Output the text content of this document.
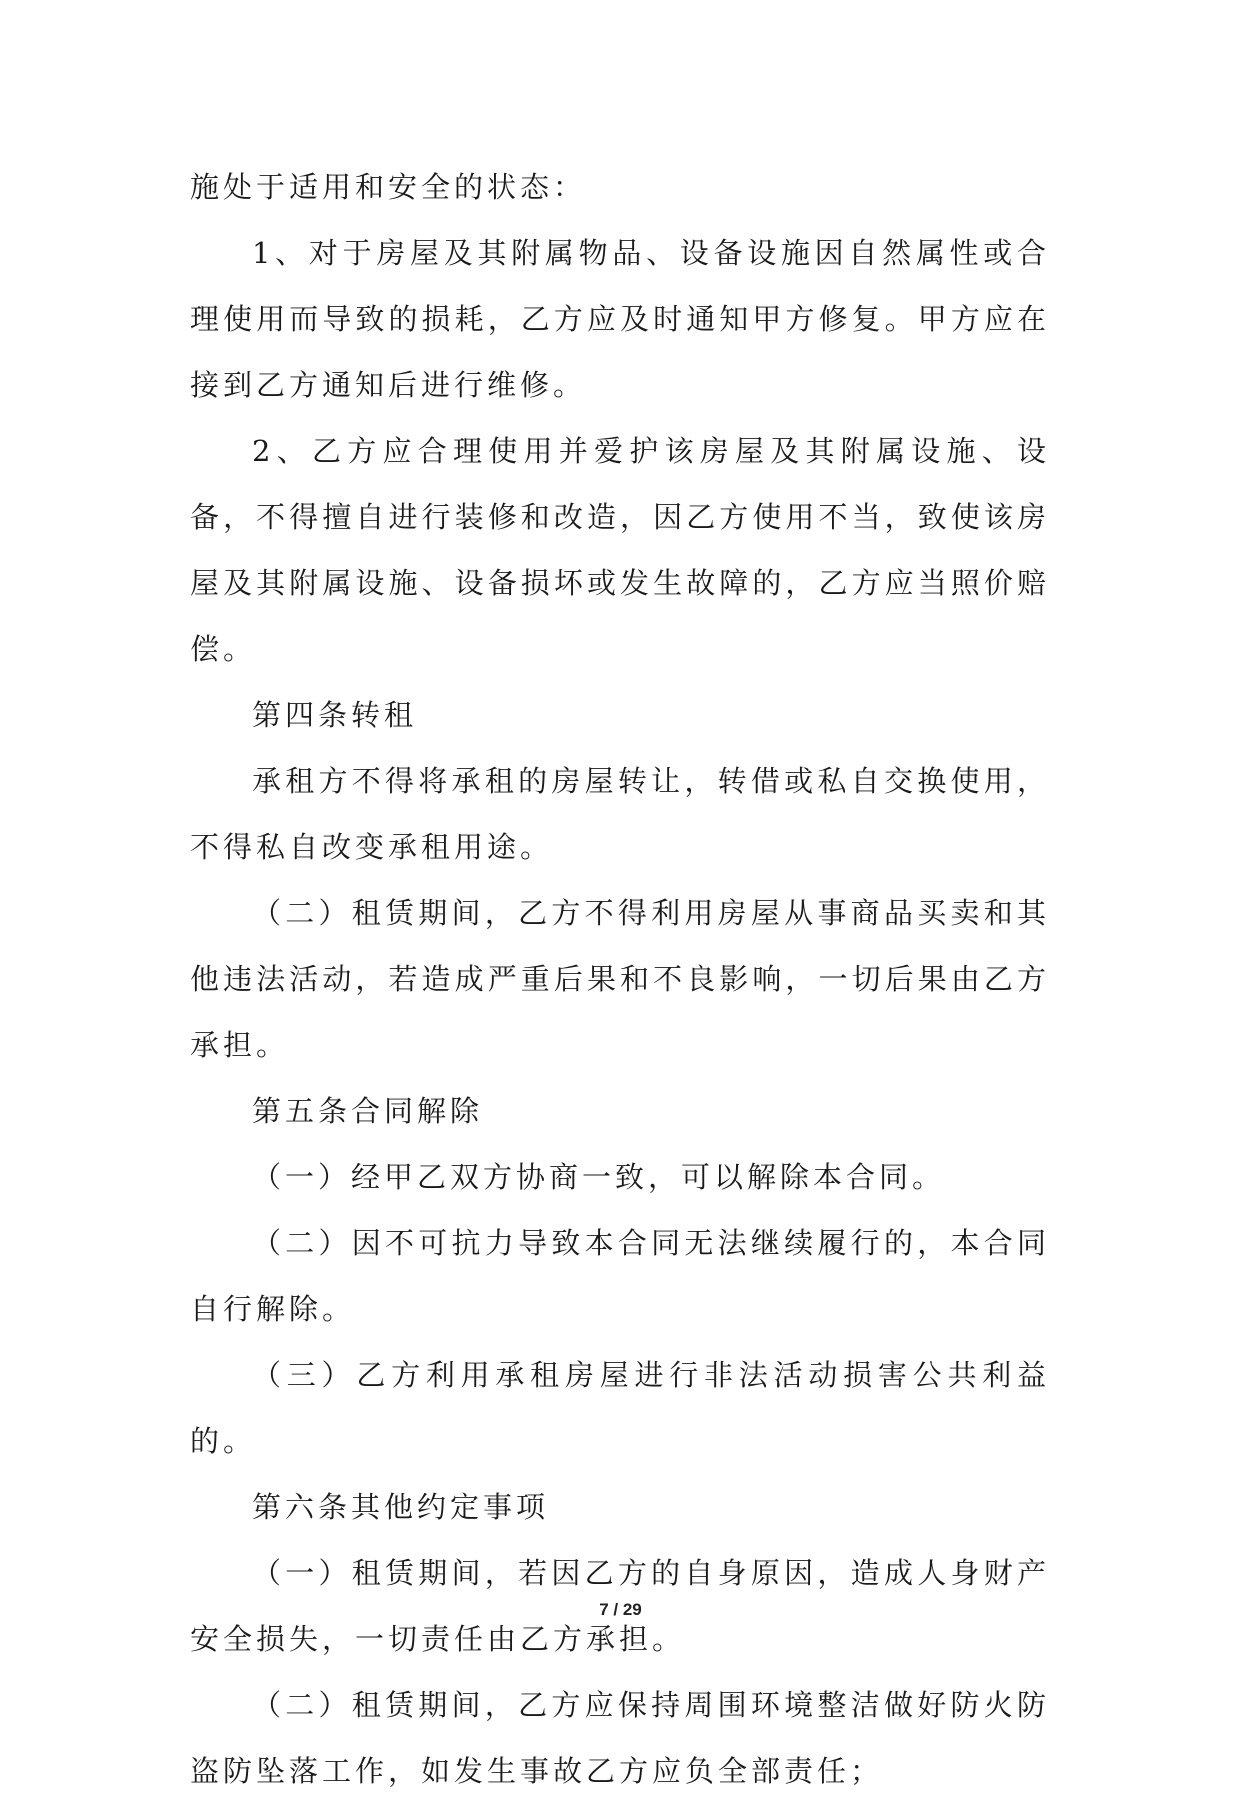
施处于适用和安全的状态：

1、对于房屋及其附属物品、设备设施因自然属性或合理使用而导致的损耗，乙方应及时通知甲方修复。甲方应在接到乙方通知后进行维修。

2、乙方应合理使用并爱护该房屋及其附属设施、设备，不得擅自进行装修和改造，因乙方使用不当，致使该房屋及其附属设施、设备损坏或发生故障的，乙方应当照价赔偿。

第四条转租

承租方不得将承租的房屋转让，转借或私自交换使用，不得私自改变承租用途。

（二）租赁期间，乙方不得利用房屋从事商品买卖和其他违法活动，若造成严重后果和不良影响，一切后果由乙方承担。

第五条合同解除

（一）经甲乙双方协商一致，可以解除本合同。

（二）因不可抗力导致本合同无法继续履行的，本合同自行解除。

（三）乙方利用承租房屋进行非法活动损害公共利益的。

第六条其他约定事项

（一）租赁期间，若因乙方的自身原因，造成人身财产安全损失，一切责任由乙方承担。

（二）租赁期间，乙方应保持周围环境整洁做好防火防盗防坠落工作，如发生事故乙方应负全部责任；

7 / 29
